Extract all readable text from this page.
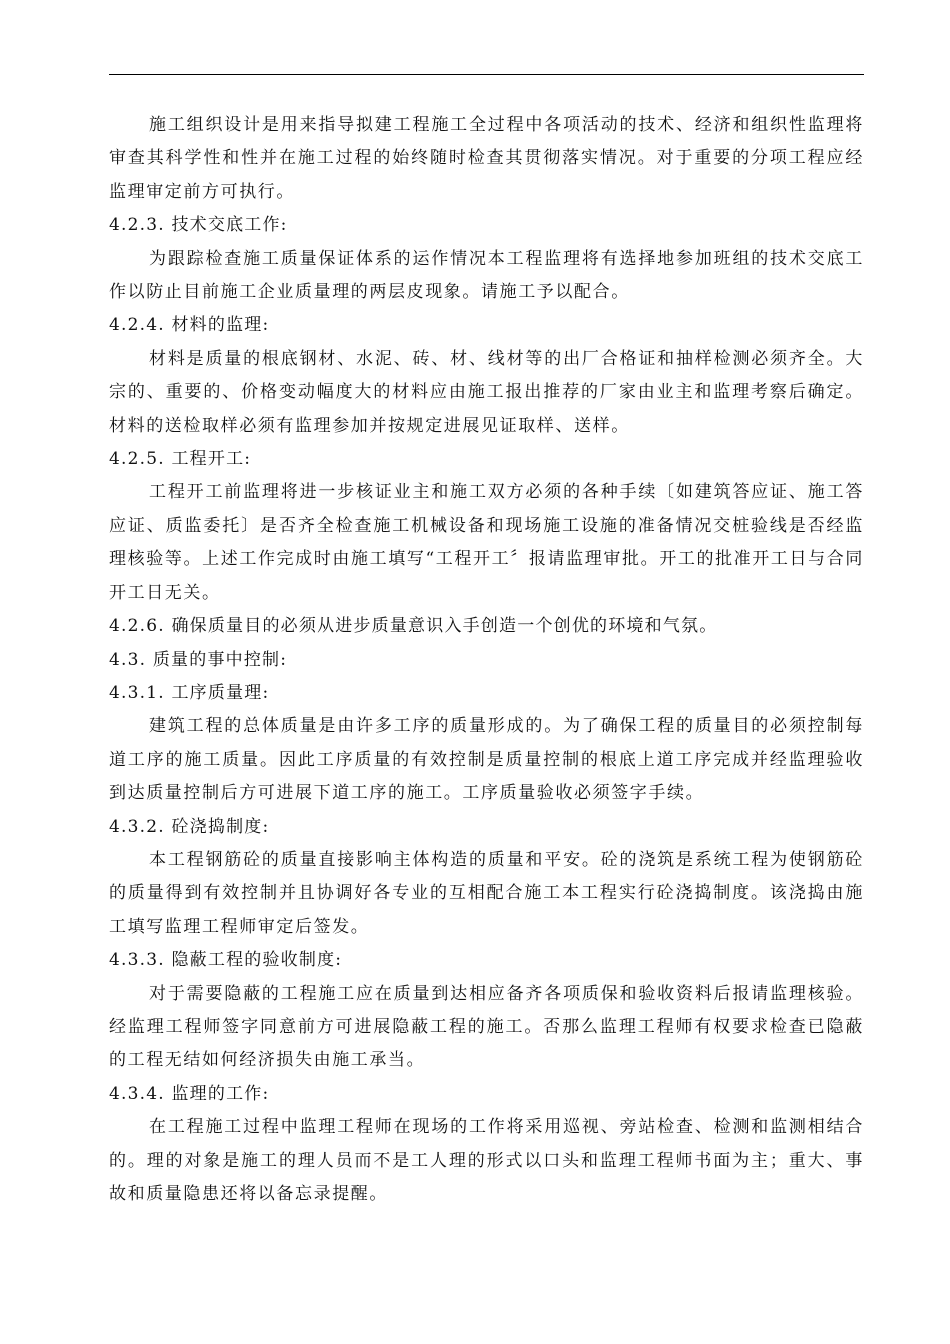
施工组织设计是用来指导拟建工程施工全过程中各项活动的技术、经济和组织性监理将审查其科学性和性并在施工过程的始终随时检查其贯彻落实情况。对于重要的分项工程应经监理审定前方可执行。

4.2.3. 技术交底工作:

为跟踪检查施工质量保证体系的运作情况本工程监理将有选择地参加班组的技术交底工作以防止目前施工企业质量理的两层皮现象。请施工予以配合。

4.2.4. 材料的监理:

材料是质量的根底钢材、水泥、砖、材、线材等的出厂合格证和抽样检测必须齐全。大宗的、重要的、价格变动幅度大的材料应由施工报出推荐的厂家由业主和监理考察后确定。材料的送检取样必须有监理参加并按规定进展见证取样、送样。

4.2.5. 工程开工:

工程开工前监理将进一步核证业主和施工双方必须的各种手续〔如建筑答应证、施工答应证、质监委托〕是否齐全检查施工机械设备和现场施工设施的准备情况交桩验线是否经监理核验等。上述工作完成时由施工填写“工程开工〞报请监理审批。开工的批准开工日与合同开工日无关。

4.2.6. 确保质量目的必须从进步质量意识入手创造一个创优的环境和气氛。

4.3. 质量的事中控制:

4.3.1. 工序质量理:

建筑工程的总体质量是由许多工序的质量形成的。为了确保工程的质量目的必须控制每道工序的施工质量。因此工序质量的有效控制是质量控制的根底上道工序完成并经监理验收到达质量控制后方可进展下道工序的施工。工序质量验收必须签字手续。

4.3.2. 砼浇捣制度:

本工程钢筋砼的质量直接影响主体构造的质量和平安。砼的浇筑是系统工程为使钢筋砼的质量得到有效控制并且协调好各专业的互相配合施工本工程实行砼浇捣制度。该浇捣由施工填写监理工程师审定后签发。

4.3.3. 隐蔽工程的验收制度:

对于需要隐蔽的工程施工应在质量到达相应备齐各项质保和验收资料后报请监理核验。经监理工程师签字同意前方可进展隐蔽工程的施工。否那么监理工程师有权要求检查已隐蔽的工程无结如何经济损失由施工承当。

4.3.4. 监理的工作:

在工程施工过程中监理工程师在现场的工作将采用巡视、旁站检查、检测和监测相结合的。理的对象是施工的理人员而不是工人理的形式以口头和监理工程师书面为主；重大、事故和质量隐患还将以备忘录提醒。
